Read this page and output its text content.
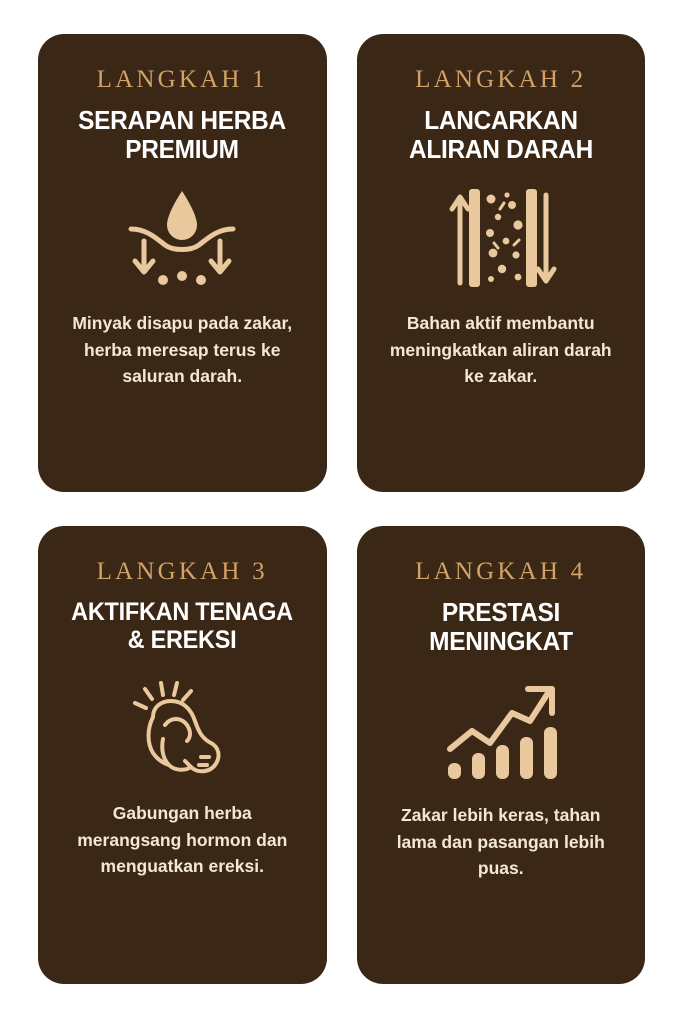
LANGKAH 1
SERAPAN HERBA PREMIUM
Minyak disapu pada zakar, herba meresap terus ke saluran darah.
LANGKAH 2
LANCARKAN ALIRAN DARAH
Bahan aktif membantu meningkatkan aliran darah ke zakar.
LANGKAH 3
AKTIFKAN TENAGA & EREKSI
Gabungan herba merangsang hormon dan menguatkan ereksi.
LANGKAH 4
PRESTASI MENINGKAT
Zakar lebih keras, tahan lama dan pasangan lebih puas.
